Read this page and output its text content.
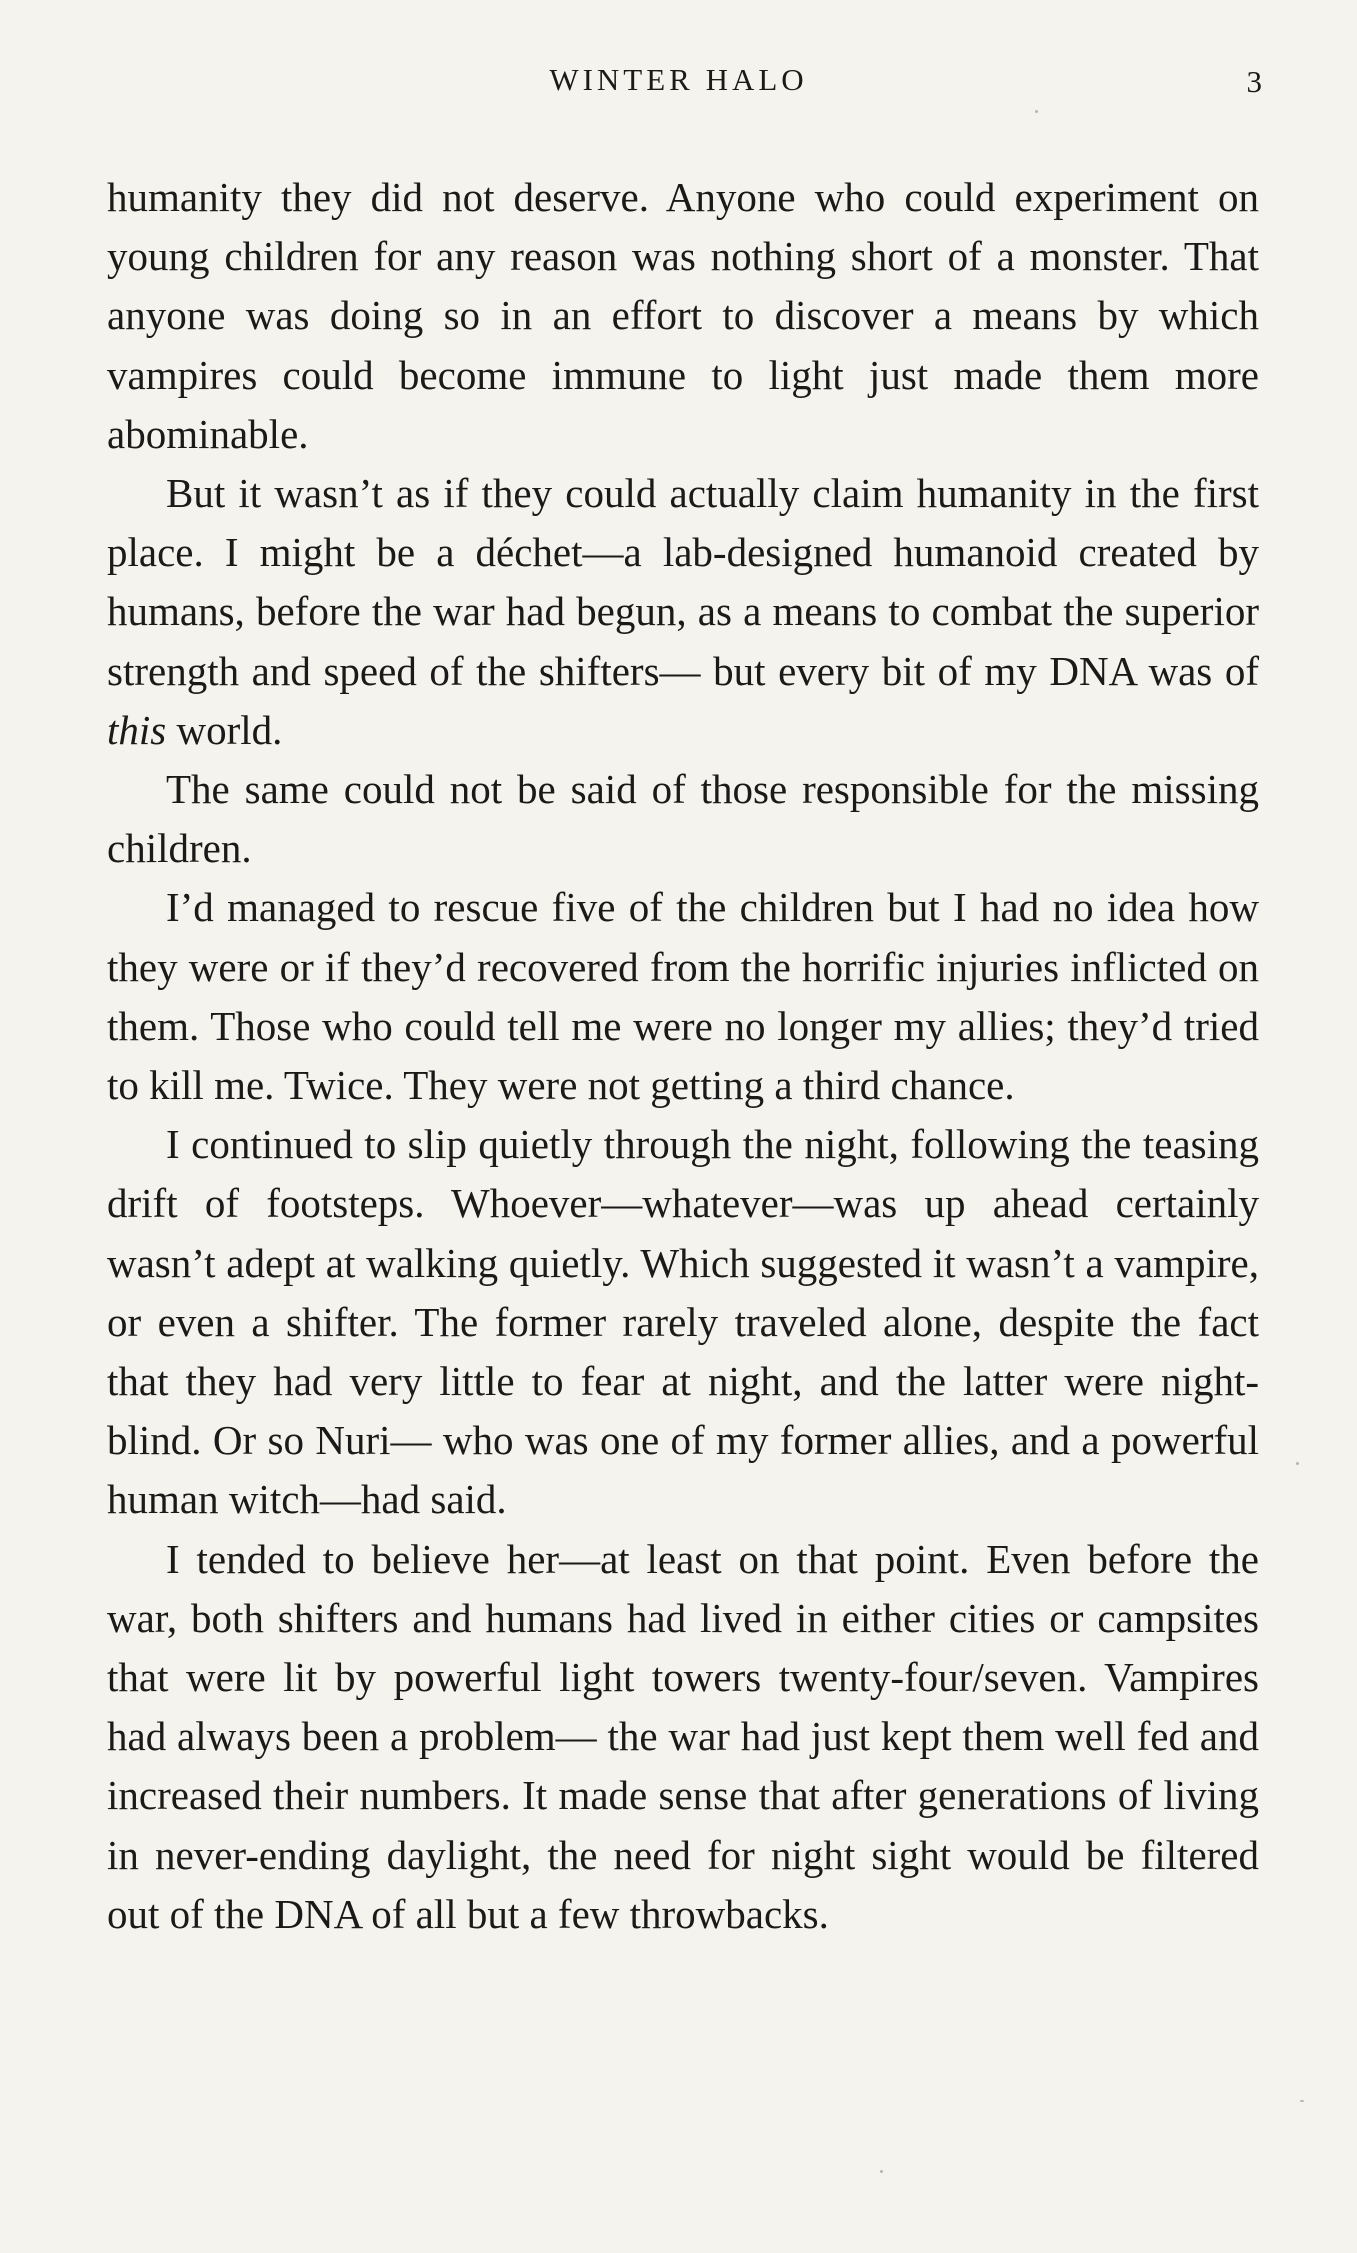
WINTER HALO	3

humanity they did not deserve. Anyone who could experiment on young children for any reason was nothing short of a monster. That anyone was doing so in an effort to discover a means by which vampires could become immune to light just made them more abominable.

But it wasn’t as if they could actually claim humanity in the first place. I might be a déchet—a lab-designed humanoid created by humans, before the war had begun, as a means to combat the superior strength and speed of the shifters— but every bit of my DNA was of this world.

The same could not be said of those responsible for the missing children.

I’d managed to rescue five of the children but I had no idea how they were or if they’d recovered from the horrific injuries inflicted on them. Those who could tell me were no longer my allies; they’d tried to kill me. Twice. They were not getting a third chance.

I continued to slip quietly through the night, following the teasing drift of footsteps. Whoever—whatever—was up ahead certainly wasn’t adept at walking quietly. Which suggested it wasn’t a vampire, or even a shifter. The former rarely traveled alone, despite the fact that they had very little to fear at night, and the latter were night-blind. Or so Nuri— who was one of my former allies, and a powerful human witch—had said.

I tended to believe her—at least on that point. Even before the war, both shifters and humans had lived in either cities or campsites that were lit by powerful light towers twenty-four/seven. Vampires had always been a problem— the war had just kept them well fed and increased their numbers. It made sense that after generations of living in never-ending daylight, the need for night sight would be filtered out of the DNA of all but a few throwbacks.
